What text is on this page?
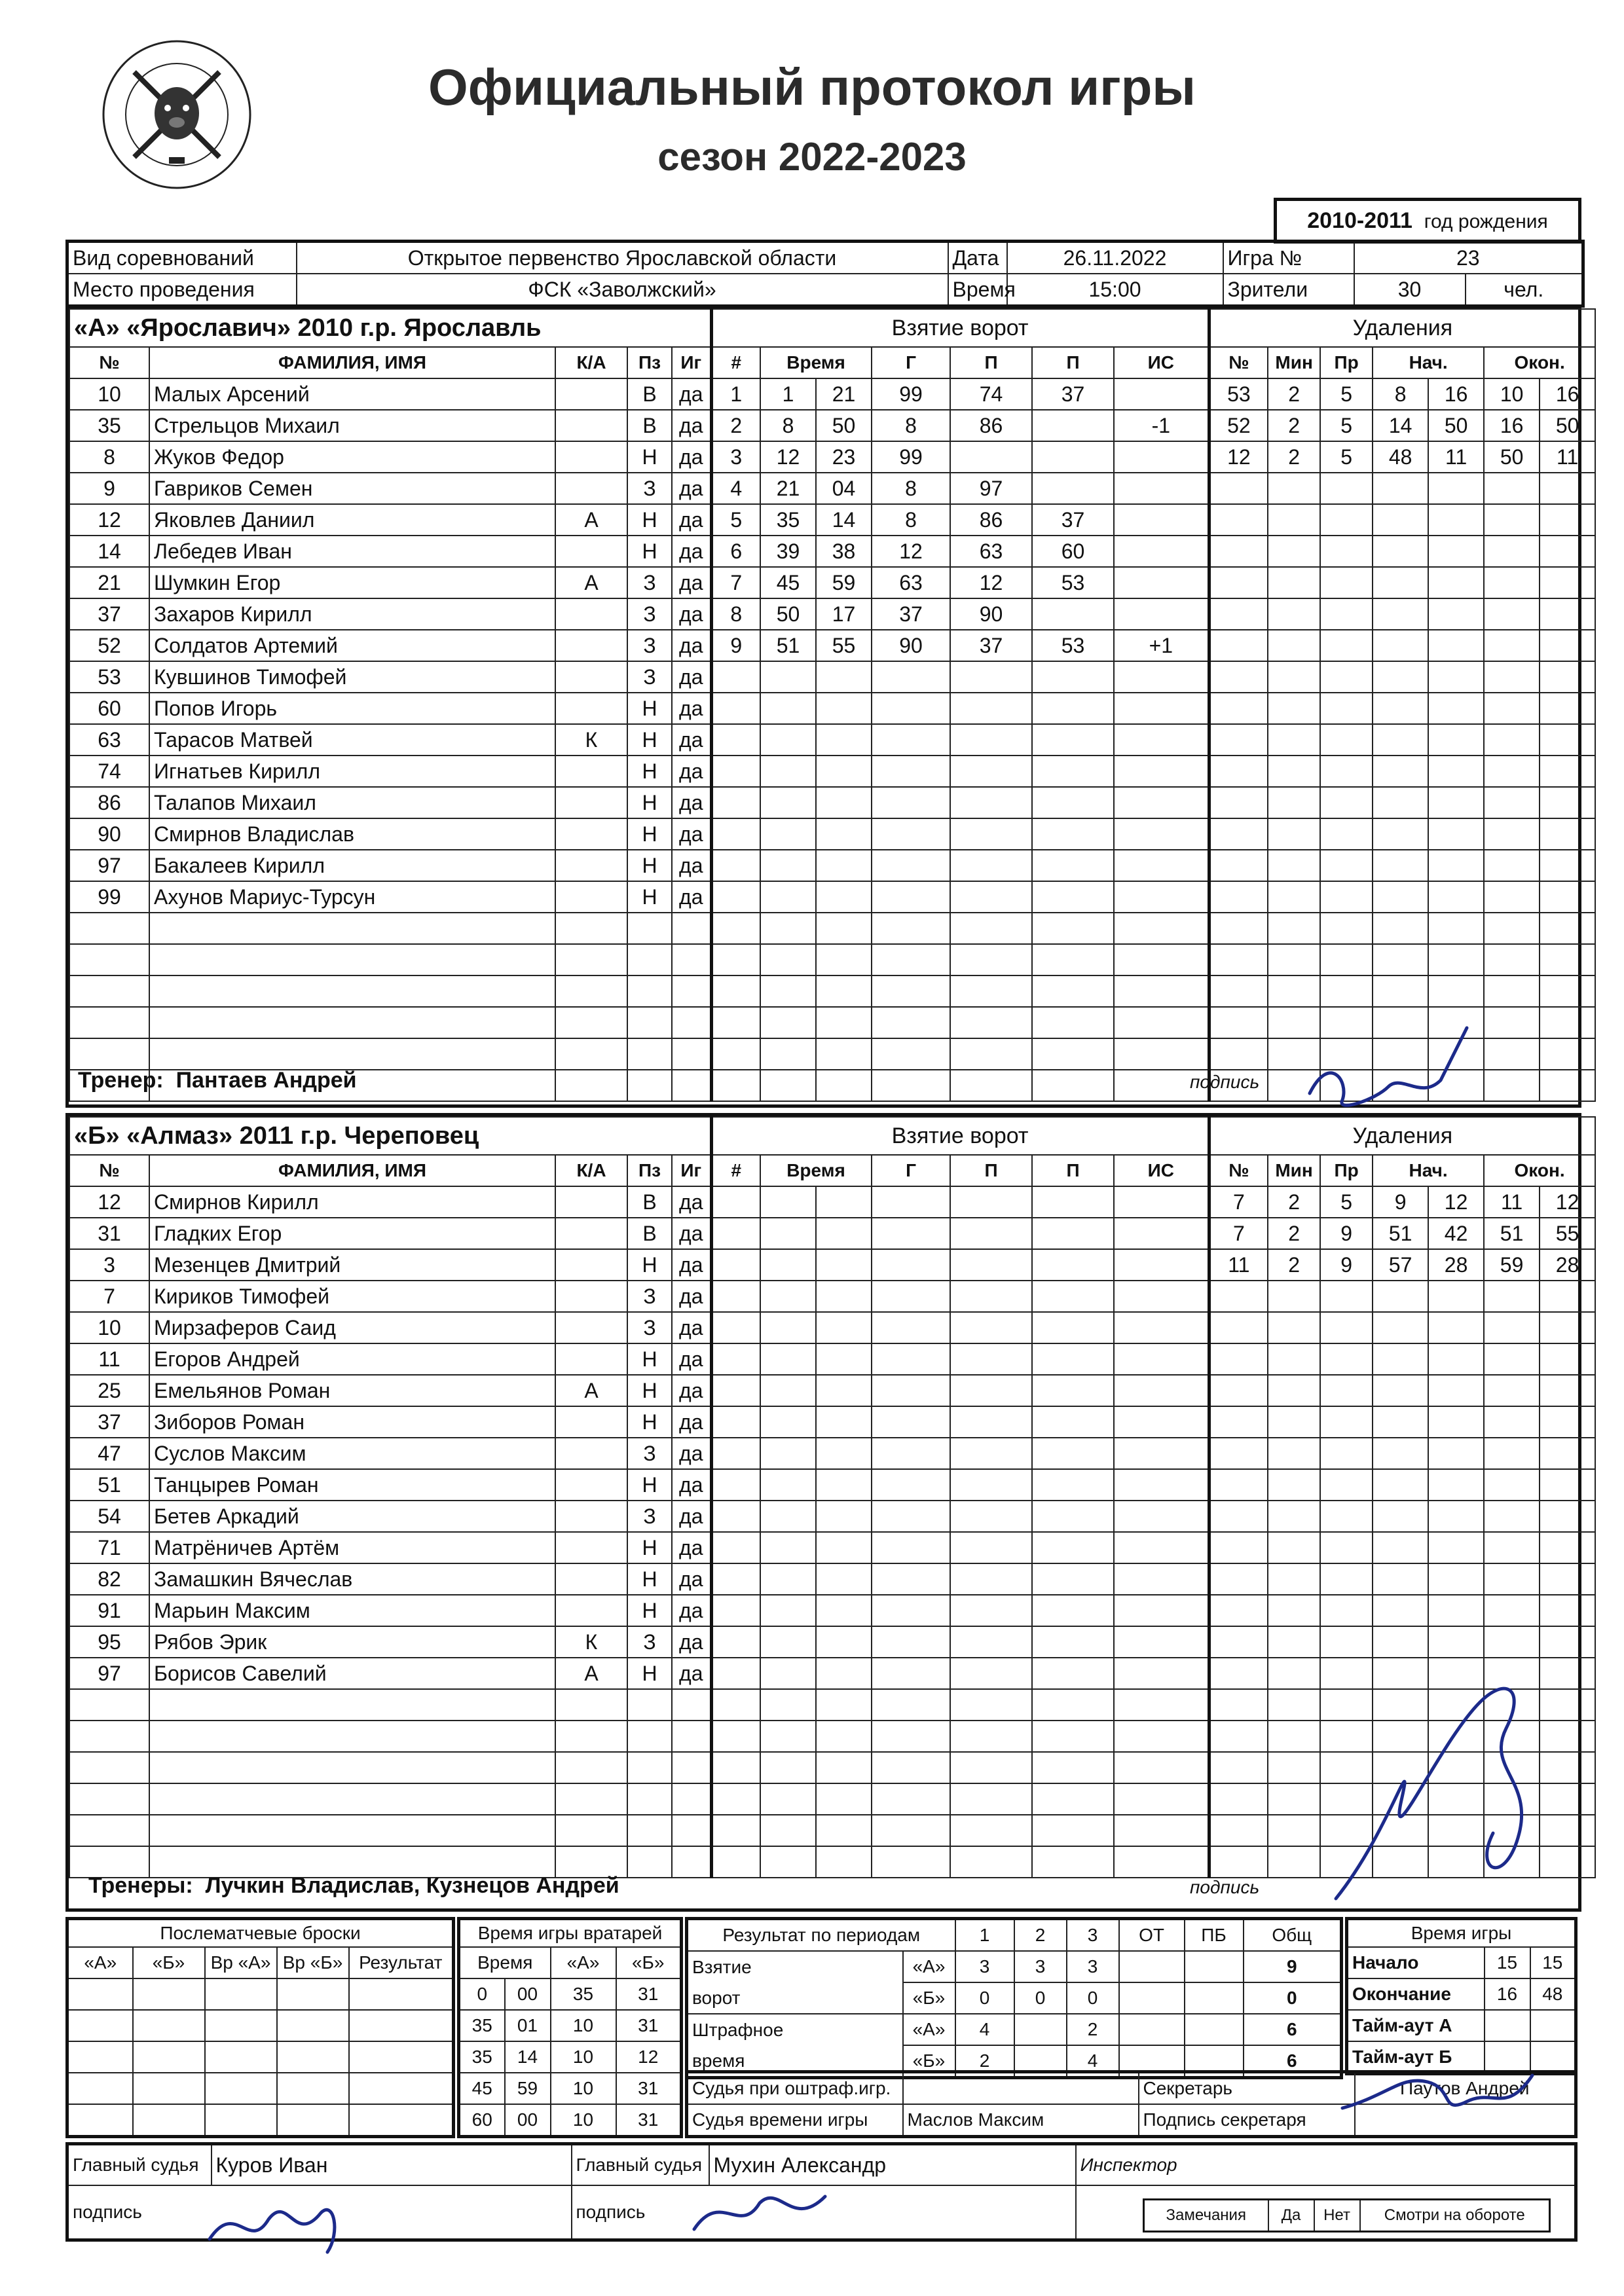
Официальный протокол игры
сезон 2022-2023
2010-2011 год рождения
Вид соревнований	Открытое первенство Ярославской области	Дата	26.11.2022	Игра №	23	
Место проведения	ФСК «Заволжский»	Время	15:00	Зрители	30	чел.
«А» «Ярославич» 2010 г.р. Ярославль					Взятие ворот							Удаления						
№	ФАМИЛИЯ, ИМЯ	К/А	Пз	Иг	#	Время		Г	П	П	ИС	№	Мин	Пр	Нач.		Окон.	
10	Малых Арсений		В	да	1	1	21	99	74	37		53	2	5	8	16	10	16
35	Стрельцов Михаил		В	да	2	8	50	8	86		-1	52	2	5	14	50	16	50
8	Жуков Федор		Н	да	3	12	23	99				12	2	5	48	11	50	11
9	Гавриков Семен		З	да	4	21	04	8	97									
12	Яковлев Даниил	А	Н	да	5	35	14	8	86	37								
14	Лебедев Иван		Н	да	6	39	38	12	63	60								
21	Шумкин Егор	А	З	да	7	45	59	63	12	53								
37	Захаров Кирилл		З	да	8	50	17	37	90									
52	Солдатов Артемий		З	да	9	51	55	90	37	53	+1							
53	Кувшинов Тимофей		З	да														
60	Попов Игорь		Н	да														
63	Тарасов Матвей	К	Н	да														
74	Игнатьев Кирилл		Н	да														
86	Талапов Михаил		Н	да														
90	Смирнов Владислав		Н	да														
97	Бакалеев Кирилл		Н	да														
99	Ахунов Мариус-Турсун		Н	да														

Тренер: Пантаев Андрей	подпись
«Б» «Алмаз» 2011 г.р. Череповец					Взятие ворот							Удаления						
№	ФАМИЛИЯ, ИМЯ	К/А	Пз	Иг	#	Время		Г	П	П	ИС	№	Мин	Пр	Нач.		Окон.	
12	Смирнов Кирилл		В	да								7	2	5	9	12	11	12
31	Гладких Егор		В	да								7	2	9	51	42	51	55
3	Мезенцев Дмитрий		Н	да								11	2	9	57	28	59	28
7	Кириков Тимофей		З	да														
10	Мирзаферов Саид		З	да														
11	Егоров Андрей		Н	да														
25	Емельянов Роман	А	Н	да														
37	Зиборов Роман		Н	да														
47	Суслов Максим		З	да														
51	Танцырев Роман		Н	да														
54	Бетев Аркадий		З	да														
71	Матрёничев Артём		Н	да														
82	Замашкин Вячеслав		Н	да														
91	Марьин Максим		Н	да														
95	Рябов Эрик	К	З	да														
97	Борисов Савелий	А	Н	да														

Тренеры: Лучкин Владислав, Кузнецов Андрей	подпись
Послематчевые броски				
«А»	«Б»	Вр «А»	Вр «Б»	Результат

Время игры вратарей			
Время		«А»	«Б»
0	00	35	31
35	01	10	31
35	14	10	12
45	59	10	31
60	00	10	31
Результат по периодам		1	2	3	ОТ	ПБ	Общ
Взятие	«А»	3	3	3			9
ворот	«Б»	0	0	0			0
Штрафное	«А»	4		2			6
время	«Б»	2		4			6
Время игры		
Начало	15	15
Окончание	16	48
Тайм-аут А		
Тайм-аут Б		
Судья при оштраф.игр.		Секретарь	Паутов Андрей
Судья времени игры	Маслов Максим	Подпись секретаря	
Главный судья	Куров Иван	Главный судья	Мухин Александр	Инспектор
подпись		подпись			Замечания	Да	Нет	Смотри на обороте
